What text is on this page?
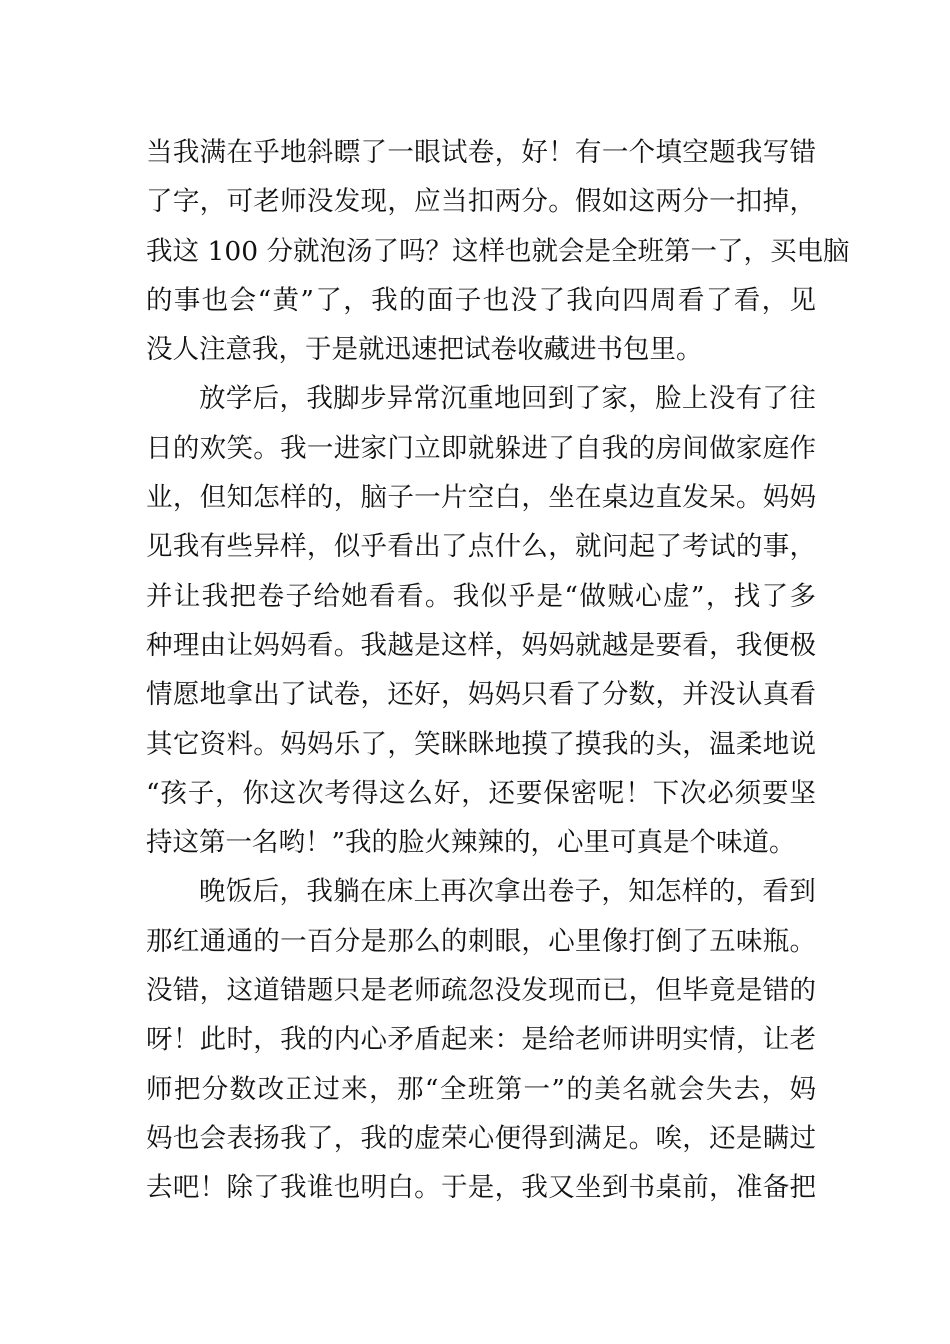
当 我 满 在 乎 地 斜 瞟 了 一 眼 试 卷 ， 好 ！ 有 一 个 填 空 题 我 写 错
了 字 ， 可 老 师 没 发 现 ， 应 当 扣 两 分 。 假 如 这 两 分 一 扣 掉 ，
我 这
1 0 0
分 就 泡 汤 了 吗 ？ 这 样 也 就 会 是 全 班 第 一 了 ， 买 电 脑
的 事 也 会 “ 黄 ” 了 ， 我 的 面 子 也 没 了 我 向 四 周 看 了 看 ， 见
没人注意我，于是就迅速把试卷收藏进书包里。
放 学 后 ， 我 脚 步 异 常 沉 重 地 回 到 了 家 ， 脸 上 没 有 了 往
日 的 欢 笑 。 我 一 进 家 门 立 即 就 躲 进 了 自 我 的 房 间 做 家 庭 作
业 ， 但 知 怎 样 的 ， 脑 子 一 片 空 白 ， 坐 在 桌 边 直 发 呆 。 妈 妈
见 我 有 些 异 样 ， 似 乎 看 出 了 点 什 么 ， 就 问 起 了 考 试 的 事 ，
并 让 我 把 卷 子 给 她 看 看 。 我 似 乎 是 “ 做 贼 心 虚 ” ， 找 了 多
种 理 由 让 妈 妈 看 。 我 越 是 这 样 ， 妈 妈 就 越 是 要 看 ， 我 便 极
情 愿 地 拿 出 了 试 卷 ， 还 好 ， 妈 妈 只 看 了 分 数 ， 并 没 认 真 看
其 它 资 料 。 妈 妈 乐 了 ， 笑 眯 眯 地 摸 了 摸 我 的 头 ， 温 柔 地 说
“ 孩 子 ， 你 这 次 考 得 这 么 好 ， 还 要 保 密 呢 ！ 下 次 必 须 要 坚
持这第一名哟！”我的脸火辣辣的，心里可真是个味道。
晚 饭 后 ， 我 躺 在 床 上 再 次 拿 出 卷 子 ， 知 怎 样 的 ， 看 到
那 红 通 通 的 一 百 分 是 那 么 的 刺 眼 ， 心 里 像 打 倒 了 五 味 瓶 。
没 错 ， 这 道 错 题 只 是 老 师 疏 忽 没 发 现 而 已 ， 但 毕 竟 是 错 的
呀 ！ 此 时 ， 我 的 内 心 矛 盾 起 来 ： 是 给 老 师 讲 明 实 情 ， 让 老
师 把 分 数 改 正 过 来 ， 那 “ 全 班 第 一 ” 的 美 名 就 会 失 去 ， 妈
妈 也 会 表 扬 我 了 ， 我 的 虚 荣 心 便 得 到 满 足 。 唉 ， 还 是 瞒 过
去 吧 ！ 除 了 我 谁 也 明 白 。 于 是 ， 我 又 坐 到 书 桌 前 ， 准 备 把
